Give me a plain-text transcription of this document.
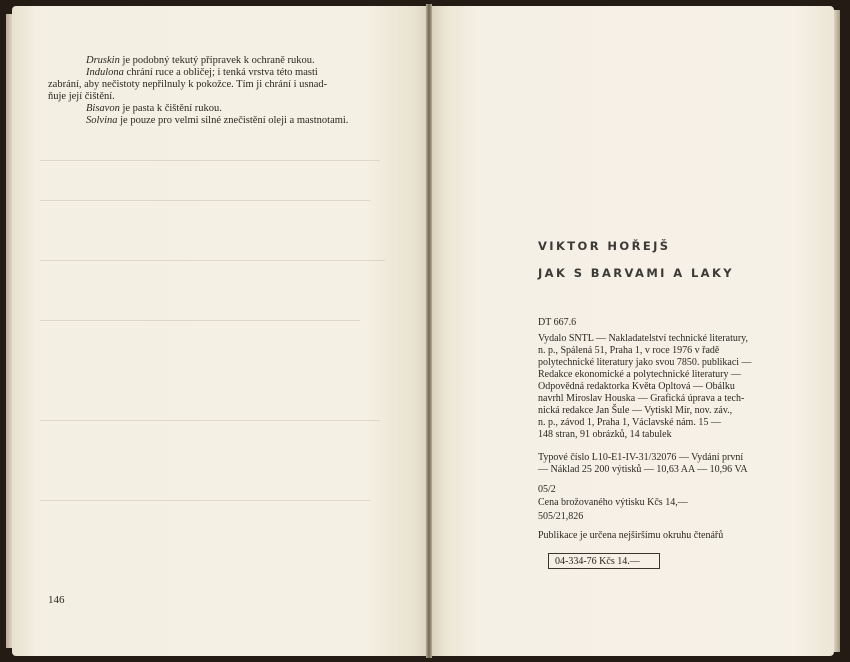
Druskin je podobný tekutý přípravek k ochraně rukou.

Indulona chrání ruce a obličej; i tenká vrstva této masti

zabrání, aby nečistoty nepřilnuly k pokožce. Tím ji chrání i usnad-

ňuje její čištění.

Bisavon je pasta k čištění rukou.

Solvina je pouze pro velmi silné znečistění oleji a mastnotami.

146
VIKTOR HOŘEJŠ
JAK S BARVAMI A LAKY

DT 667.6

Vydalo SNTL — Nakladatelství technické literatury,

n. p., Spálená 51, Praha 1, v roce 1976 v řadě

polytechnické literatury jako svou 7850. publikaci —

Redakce ekonomické a polytechnické literatury —

Odpovědná redaktorka Květa Opltová — Obálku

navrhl Miroslav Houska — Grafická úprava a tech-

nická redakce Jan Šule — Vytiskl Mír, nov. záv.,

n. p., závod 1, Praha 1, Václavské nám. 15 —

148 stran, 91 obrázků, 14 tabulek

Typové číslo L10-E1-IV-31/32076 — Vydání první

— Náklad 25 200 výtisků — 10,63 AA — 10,96 VA

05/2

Cena brožovaného výtisku Kčs 14,—

505/21,826

Publikace je určena nejširšímu okruhu čtenářů

04-334-76 Kčs 14.—
